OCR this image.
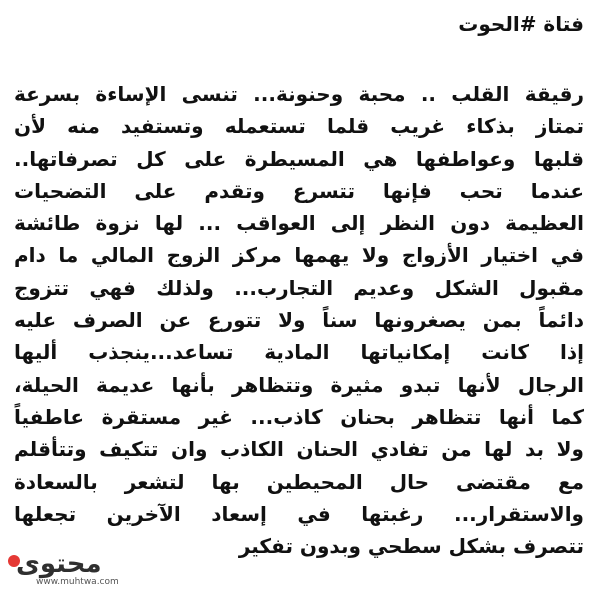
فتاة #الحوت
رقيقة القلب .. محبة وحنونة... تنسى الإساءة بسرعة
تمتاز بذكاء غريب قلما تستعمله وتستفيد منه لأن
قلبها وعواطفها هي المسيطرة على كل تصرفاتها..
عندما تحب فإنها تتسرع وتقدم على التضحيات
العظيمة دون النظر إلى العواقب ... لها نزوة طائشة
في اختيار الأزواج ولا يهمها مركز الزوج المالي ما دام
مقبول الشكل وعديم التجارب... ولذلك فهي تتزوج
دائماً بمن يصغرونها سناً ولا تتورع عن الصرف عليه
إذا كانت إمكانياتها المادية تساعد...ينجذب أليها
الرجال لأنها تبدو مثيرة وتتظاهر بأنها عديمة الحيلة،
كما أنها تتظاهر بحنان كاذب... غير مستقرة عاطفياً
ولا بد لها من تفادي الحنان الكاذب وان تتكيف وتتأقلم
مع مقتضى حال المحيطين بها لتشعر بالسعادة
والاستقرار... رغبتها في إسعاد الآخرين تجعلها
تتصرف بشكل سطحي وبدون تفكير
محتوى
www.muhtwa.com
